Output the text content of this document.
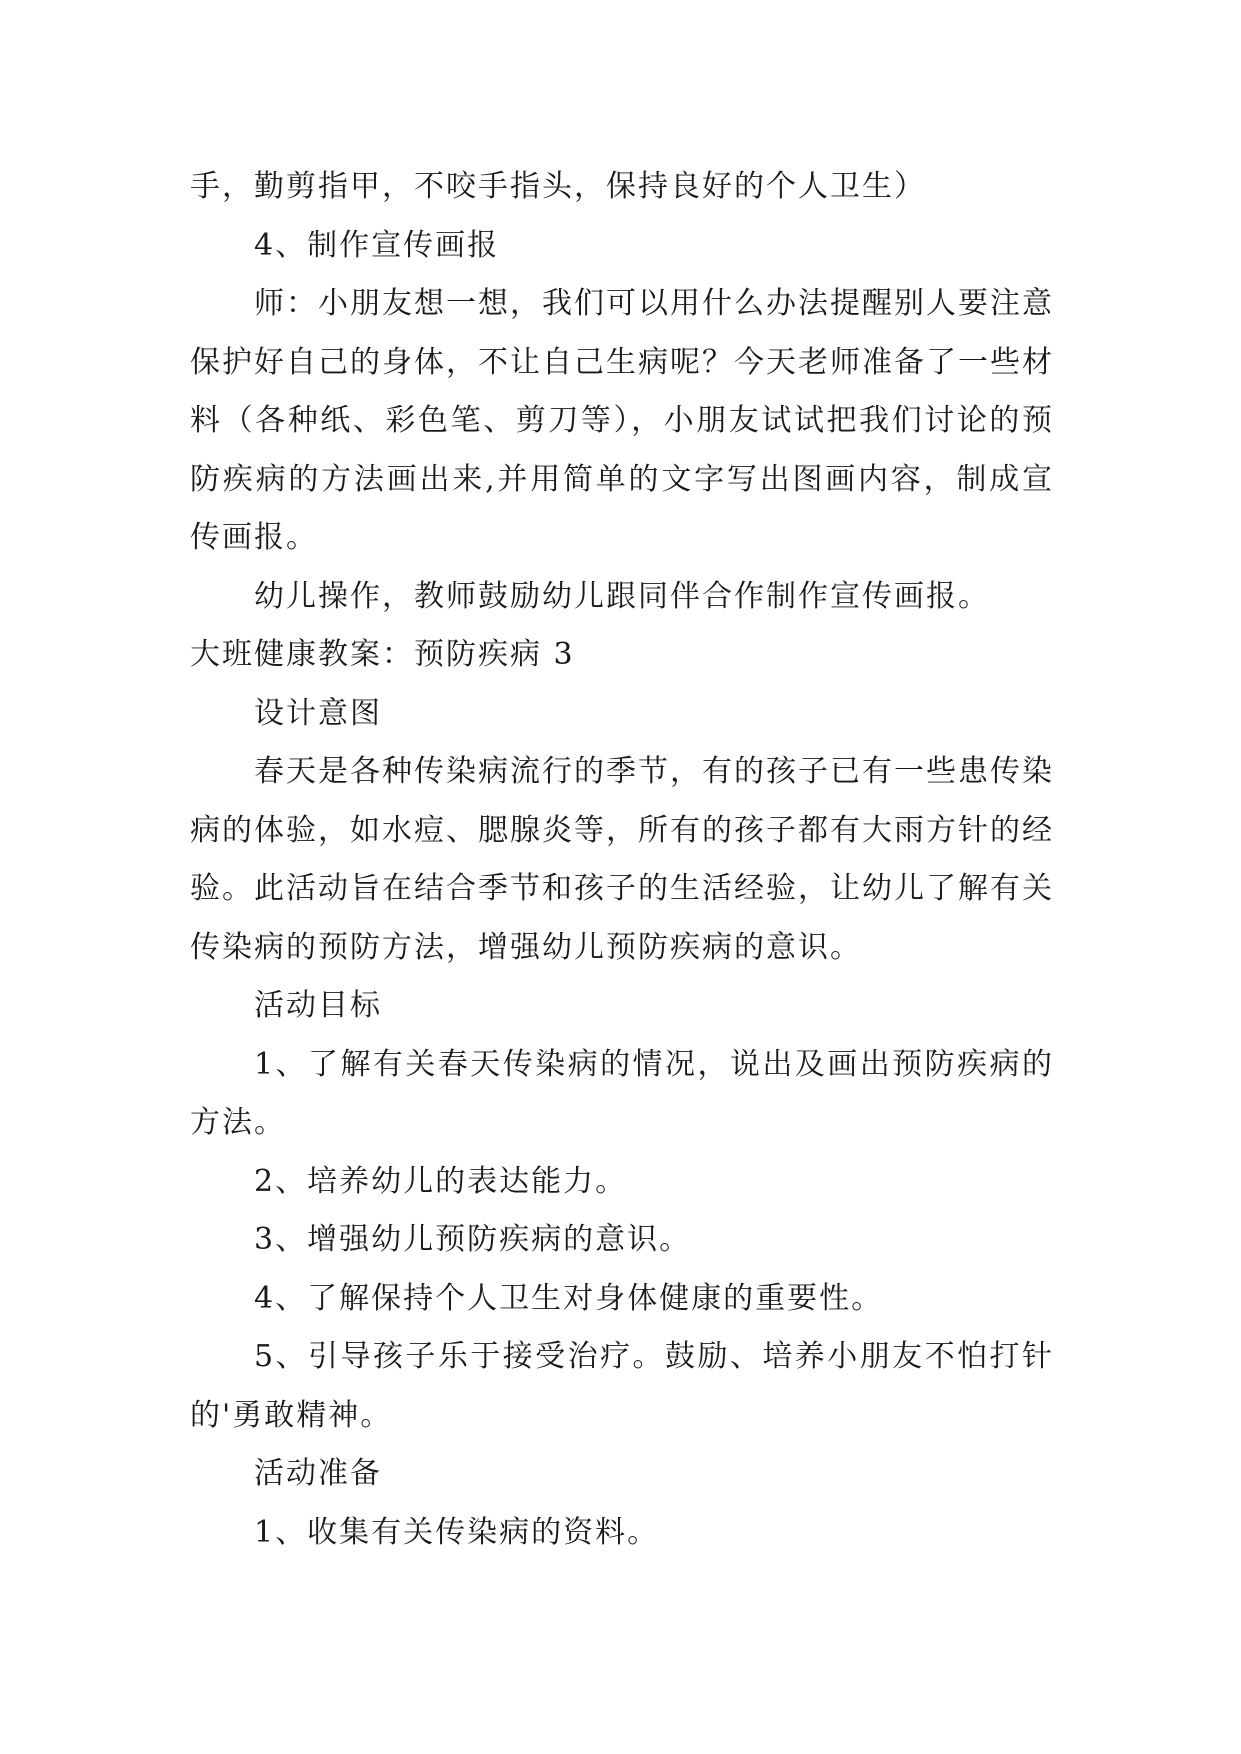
手，勤剪指甲，不咬手指头，保持良好的个人卫生）

4、制作宣传画报

师：小朋友想一想，我们可以用什么办法提醒别人要注意保护好自己的身体，不让自己生病呢？今天老师准备了一些材料（各种纸、彩色笔、剪刀等），小朋友试试把我们讨论的预防疾病的方法画出来,并用简单的文字写出图画内容，制成宣传画报。

幼儿操作，教师鼓励幼儿跟同伴合作制作宣传画报。

大班健康教案：预防疾病 3

设计意图

春天是各种传染病流行的季节，有的孩子已有一些患传染病的体验，如水痘、腮腺炎等，所有的孩子都有大雨方针的经验。此活动旨在结合季节和孩子的生活经验，让幼儿了解有关传染病的预防方法，增强幼儿预防疾病的意识。

活动目标

1、了解有关春天传染病的情况，说出及画出预防疾病的方法。

2、培养幼儿的表达能力。

3、增强幼儿预防疾病的意识。

4、了解保持个人卫生对身体健康的重要性。

5、引导孩子乐于接受治疗。鼓励、培养小朋友不怕打针的'勇敢精神。

活动准备

1、收集有关传染病的资料。
